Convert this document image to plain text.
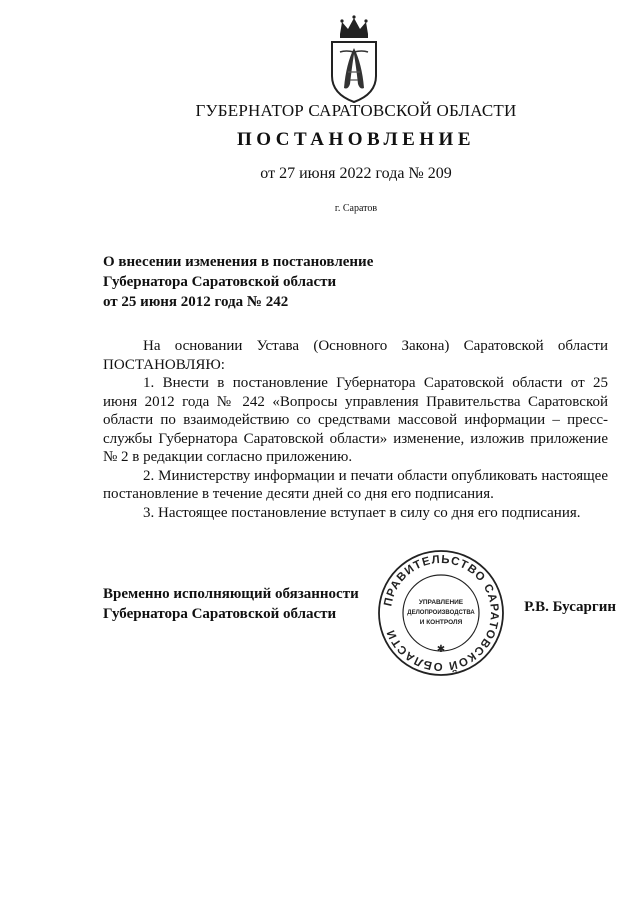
ГУБЕРНАТОР САРАТОВСКОЙ ОБЛАСТИ
ПОСТАНОВЛЕНИЕ
от 27 июня 2022 года № 209
г. Саратов
О внесении изменения в постановление
Губернатора Саратовской области
от 25 июня 2012 года № 242

На основании Устава (Основного Закона) Саратовской области ПОСТАНОВЛЯЮ:

1. Внести в постановление Губернатора Саратовской области от 25 июня 2012 года № 242 «Вопросы управления Правительства Саратовской области по взаимодействию со средствами массовой информации – пресс-службы Губернатора Саратовской области» изменение, изложив приложение № 2 в редакции согласно приложению.

2. Министерству информации и печати области опубликовать настоящее постановление в течение десяти дней со дня его подписания.

3. Настоящее постановление вступает в силу со дня его подписания.

Временно исполняющий обязанности
Губернатора Саратовской области
ПРАВИТЕЛЬСТВО САРАТОВСКОЙ ОБЛАСТИ
УПРАВЛЕНИЕ
ДЕЛОПРОИЗВОДСТВА
И КОНТРОЛЯ
✱
Р.В. Бусаргин
